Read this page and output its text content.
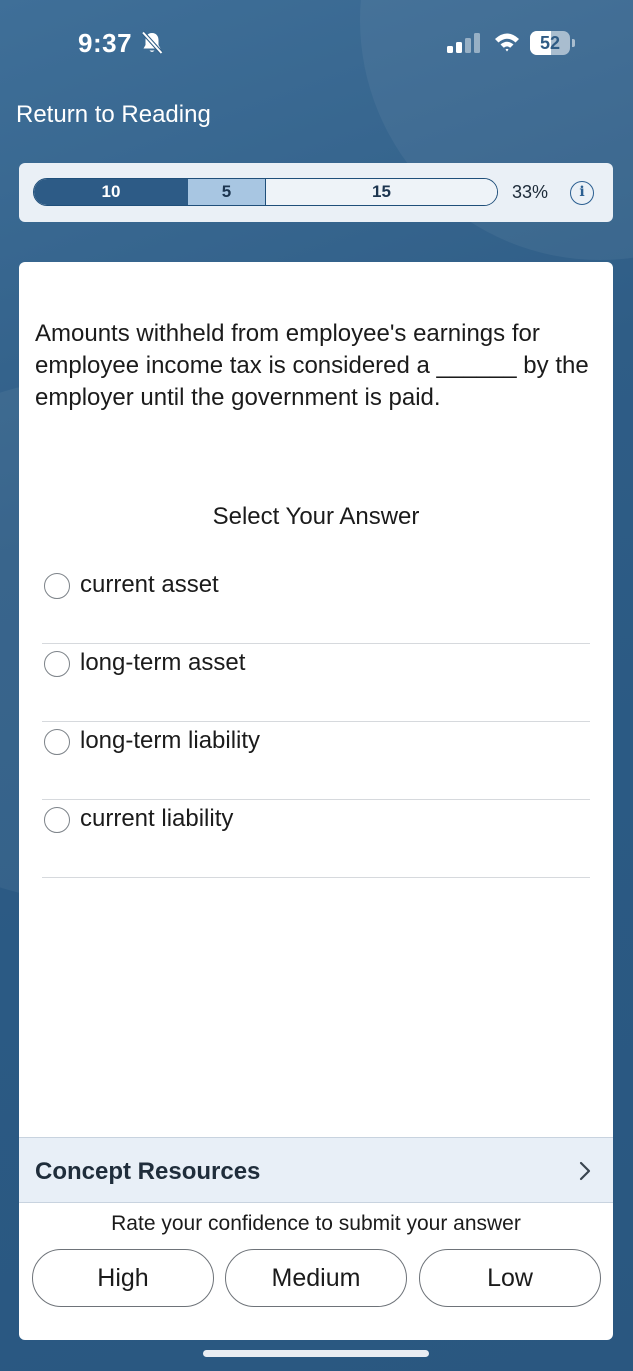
9:37	52
Return to Reading
10	5	15	33%	i
Amounts withheld from employee's earnings for employee income tax is considered a ______ by the employer until the government is paid.
Select Your Answer
current asset
long-term asset
long-term liability
current liability
Concept Resources
Rate your confidence to submit your answer
High	Medium	Low
